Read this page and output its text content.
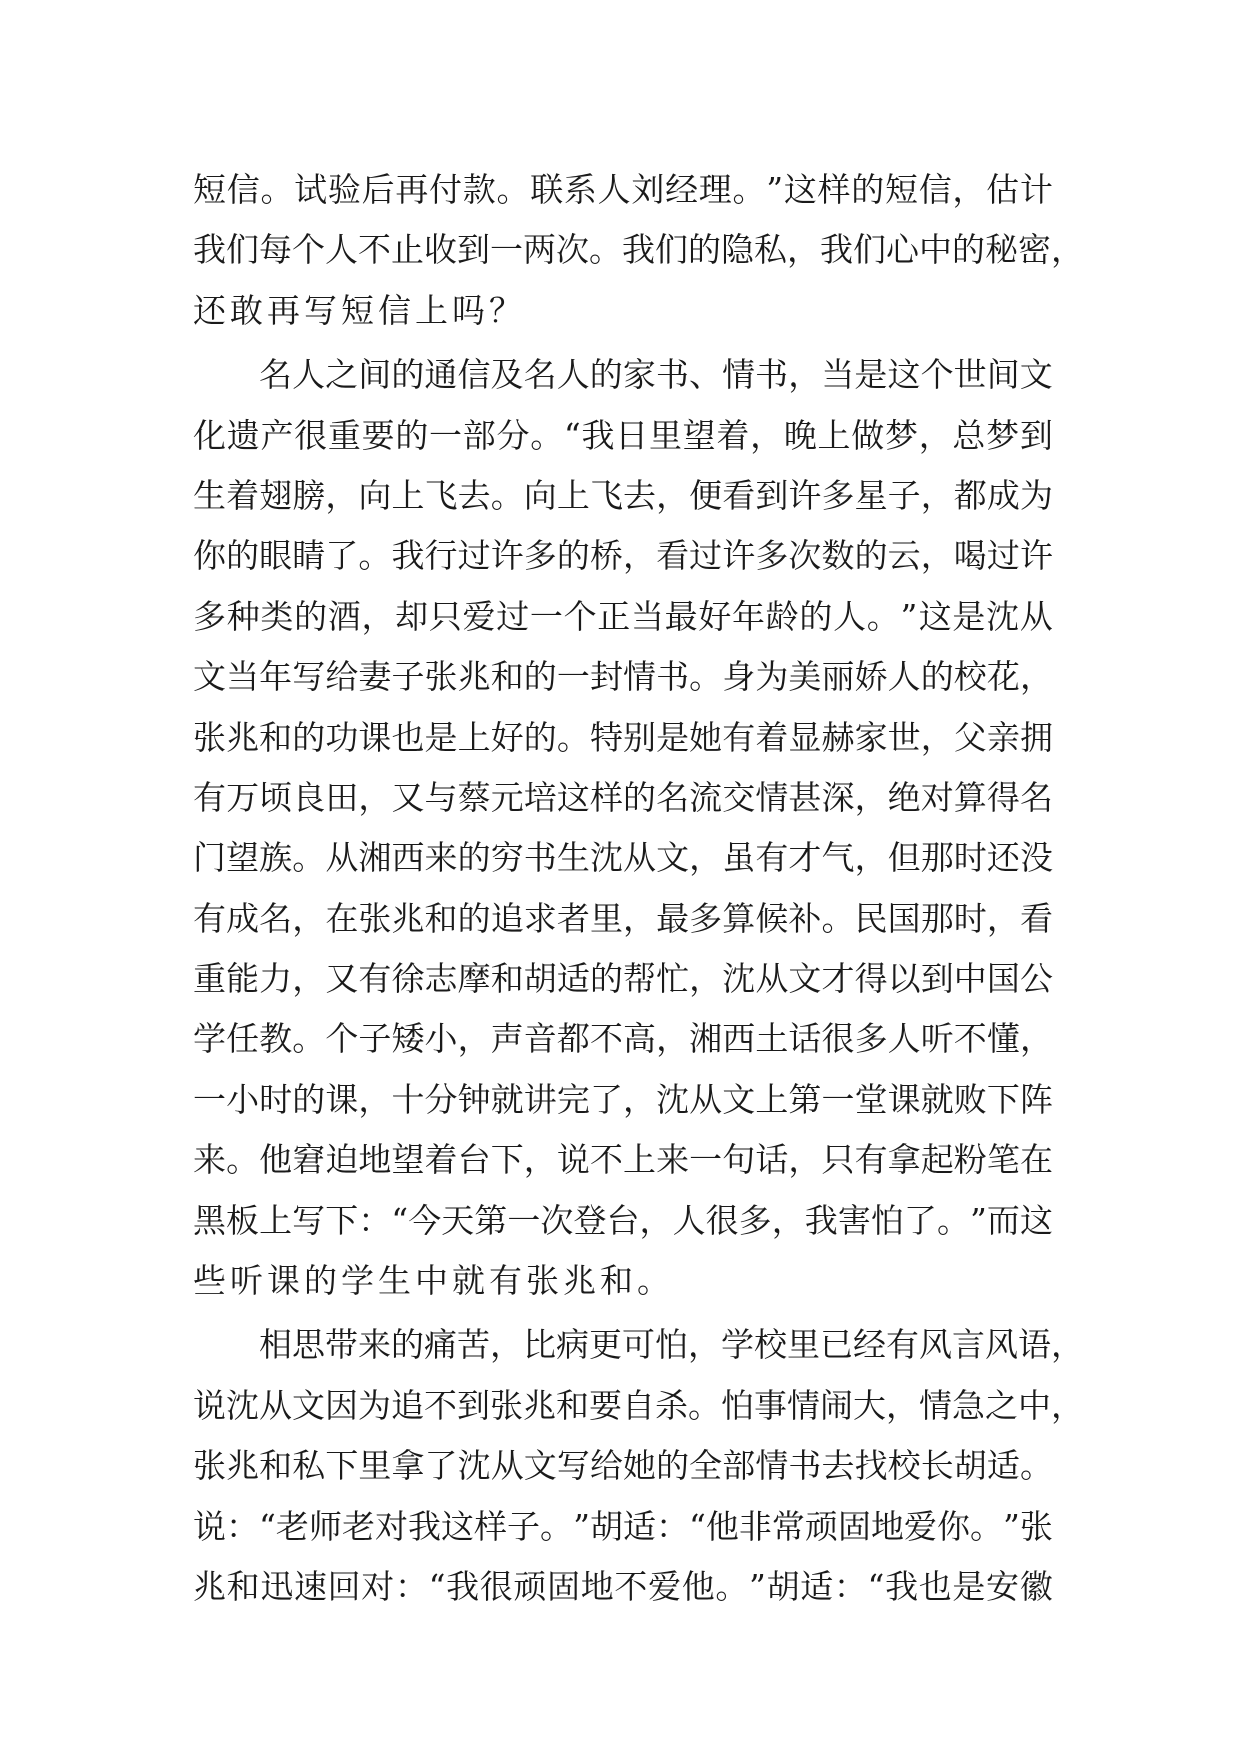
短 信 。 试 验 后 再 付 款 。 联 系 人 刘 经 理 。 ” 这 样 的 短 信 ， 估 计
我 们 每 个 人 不 止 收 到 一 两 次 。 我 们 的 隐 私 ， 我 们 心 中 的 秘 密 ，
还敢再写短信上吗？
名 人 之 间 的 通 信 及 名 人 的 家 书 、 情 书 ， 当 是 这 个 世 间 文
化 遗 产 很 重 要 的 一 部 分 。 “ 我 日 里 望 着 ， 晚 上 做 梦 ， 总 梦 到
生 着 翅 膀 ， 向 上 飞 去 。 向 上 飞 去 ， 便 看 到 许 多 星 子 ， 都 成 为
你 的 眼 睛 了 。 我 行 过 许 多 的 桥 ， 看 过 许 多 次 数 的 云 ， 喝 过 许
多 种 类 的 酒 ， 却 只 爱 过 一 个 正 当 最 好 年 龄 的 人 。 ” 这 是 沈 从
文 当 年 写 给 妻 子 张 兆 和 的 一 封 情 书 。 身 为 美 丽 娇 人 的 校 花 ，
张 兆 和 的 功 课 也 是 上 好 的 。 特 别 是 她 有 着 显 赫 家 世 ， 父 亲 拥
有 万 顷 良 田 ， 又 与 蔡 元 培 这 样 的 名 流 交 情 甚 深 ， 绝 对 算 得 名
门 望 族 。 从 湘 西 来 的 穷 书 生 沈 从 文 ， 虽 有 才 气 ， 但 那 时 还 没
有 成 名 ， 在 张 兆 和 的 追 求 者 里 ， 最 多 算 候 补 。 民 国 那 时 ， 看
重 能 力 ， 又 有 徐 志 摩 和 胡 适 的 帮 忙 ， 沈 从 文 才 得 以 到 中 国 公
学 任 教 。 个 子 矮 小 ， 声 音 都 不 高 ， 湘 西 土 话 很 多 人 听 不 懂 ，
一 小 时 的 课 ， 十 分 钟 就 讲 完 了 ， 沈 从 文 上 第 一 堂 课 就 败 下 阵
来 。 他 窘 迫 地 望 着 台 下 ， 说 不 上 来 一 句 话 ， 只 有 拿 起 粉 笔 在
黑 板 上 写 下 ： “ 今 天 第 一 次 登 台 ， 人 很 多 ， 我 害 怕 了 。 ” 而 这
些听课的学生中就有张兆和。
相 思 带 来 的 痛 苦 ， 比 病 更 可 怕 ， 学 校 里 已 经 有 风 言 风 语 ，
说 沈 从 文 因 为 追 不 到 张 兆 和 要 自 杀 。 怕 事 情 闹 大 ， 情 急 之 中 ，
张 兆 和 私 下 里 拿 了 沈 从 文 写 给 她 的 全 部 情 书 去 找 校 长 胡 适 。
说 ： “ 老 师 老 对 我 这 样 子 。 ” 胡 适 ： “ 他 非 常 顽 固 地 爱 你 。 ” 张
兆 和 迅 速 回 对 ： “ 我 很 顽 固 地 不 爱 他 。 ” 胡 适 ： “ 我 也 是 安 徽
